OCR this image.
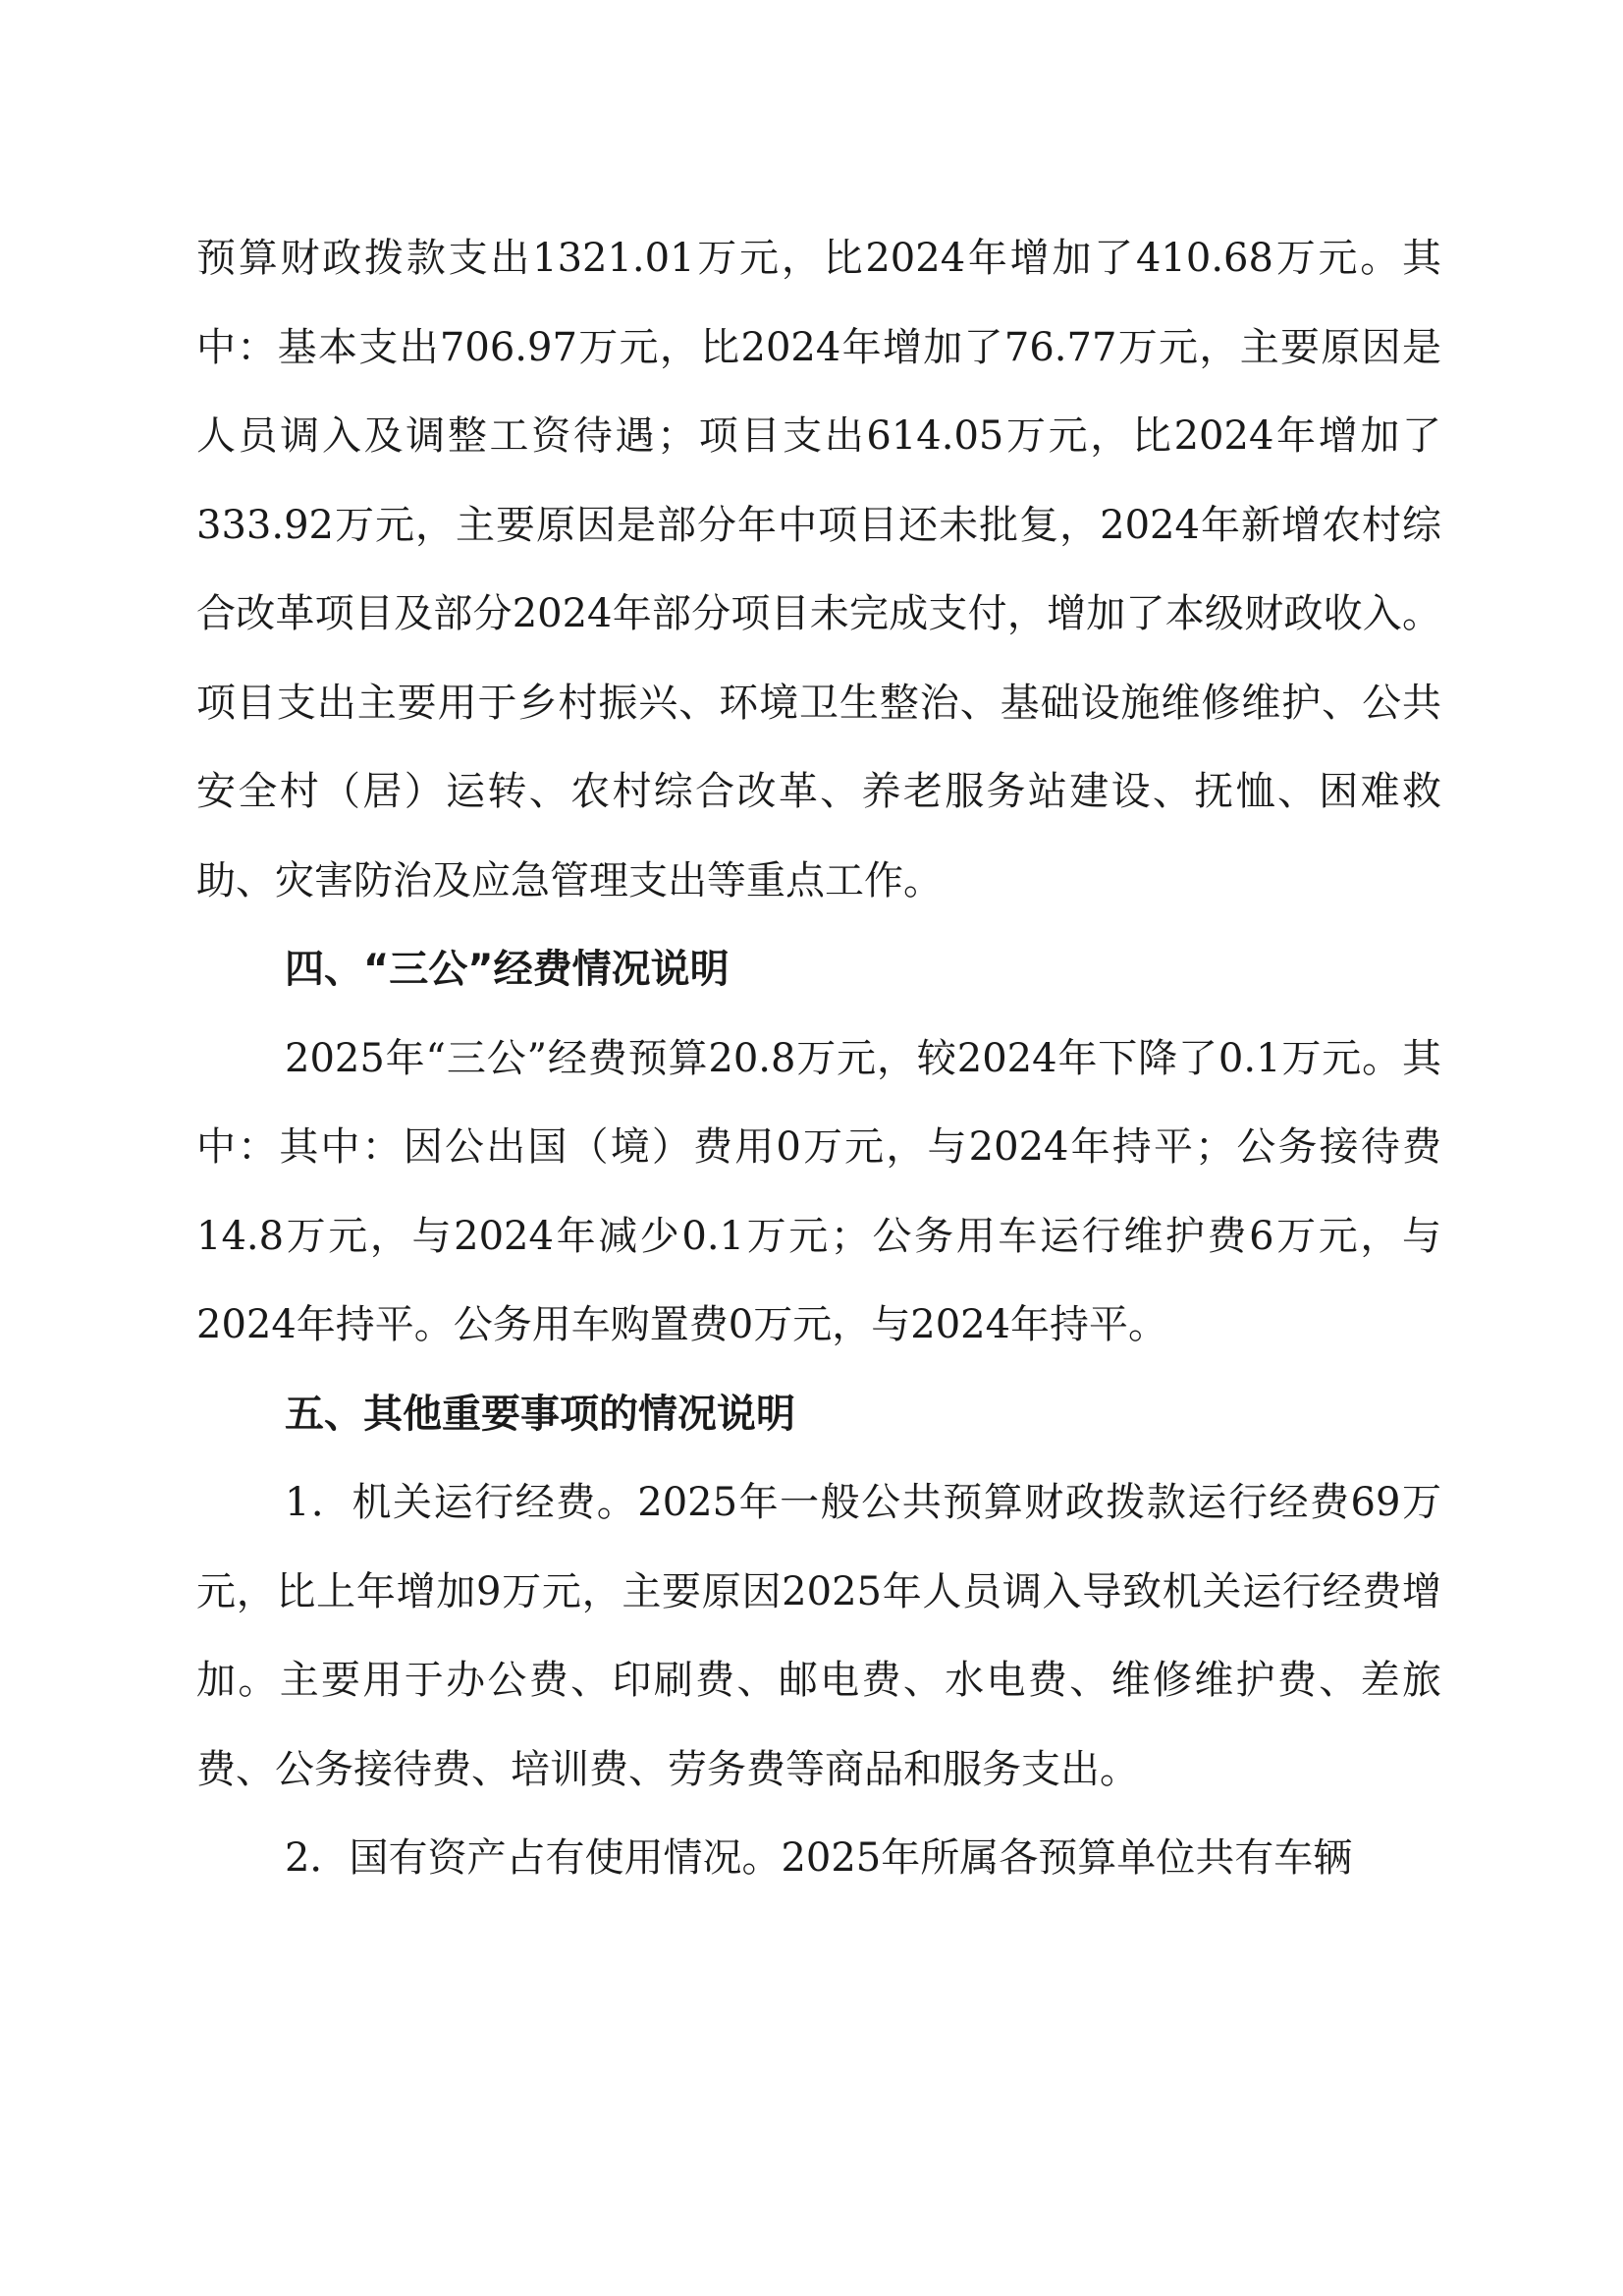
预算财政拨款支出1321.01万元，比2024年增加了410.68万元。其中：基本支出706.97万元，比2024年增加了76.77万元，主要原因是人员调入及调整工资待遇；项目支出614.05万元，比2024年增加了333.92万元，主要原因是部分年中项目还未批复，2024年新增农村综合改革项目及部分2024年部分项目未完成支付，增加了本级财政收入。项目支出主要用于乡村振兴、环境卫生整治、基础设施维修维护、公共安全村（居）运转、农村综合改革、养老服务站建设、抚恤、困难救助、灾害防治及应急管理支出等重点工作。

四、“三公”经费情况说明

2025年“三公”经费预算20.8万元，较2024年下降了0.1万元。其中：其中：因公出国（境）费用0万元，与2024年持平；公务接待费14.8万元，与2024年减少0.1万元；公务用车运行维护费6万元，与2024年持平。公务用车购置费0万元，与2024年持平。

五、其他重要事项的情况说明

1．机关运行经费。2025年一般公共预算财政拨款运行经费69万元，比上年增加9万元，主要原因2025年人员调入导致机关运行经费增加。主要用于办公费、印刷费、邮电费、水电费、维修维护费、差旅费、公务接待费、培训费、劳务费等商品和服务支出。

2．国有资产占有使用情况。2025年所属各预算单位共有车辆
